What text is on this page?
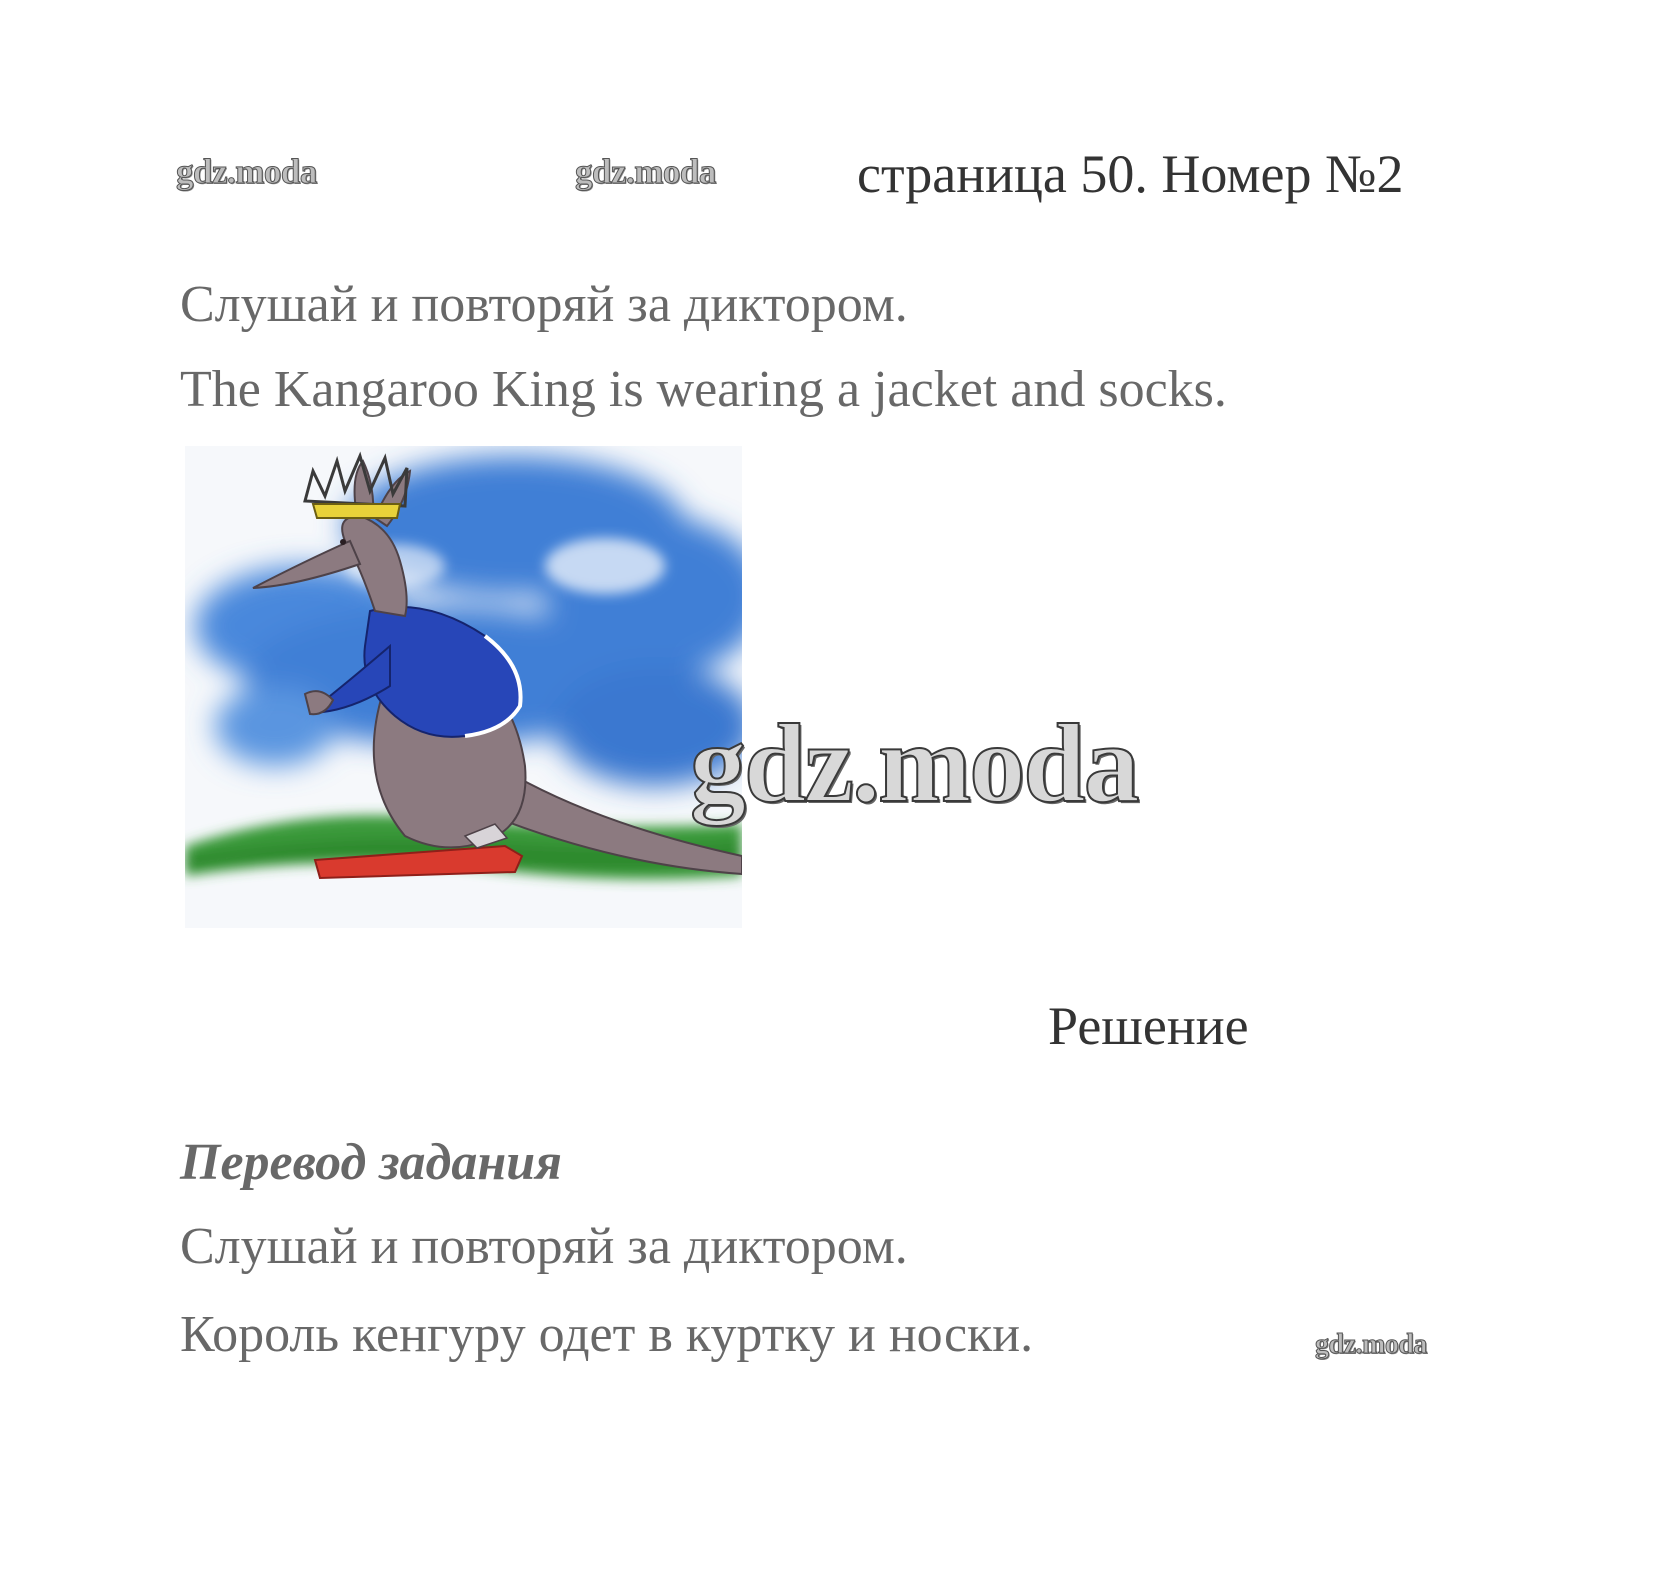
gdz.moda	gdz.moda	страница 50. Номер №2
Слушай и повторяй за диктором.
The Kangaroo King is wearing a jacket and socks.
gdz.moda
Решение
Перевод задания
Слушай и повторяй за диктором.
Король кенгуру одет в куртку и носки.	gdz.moda
